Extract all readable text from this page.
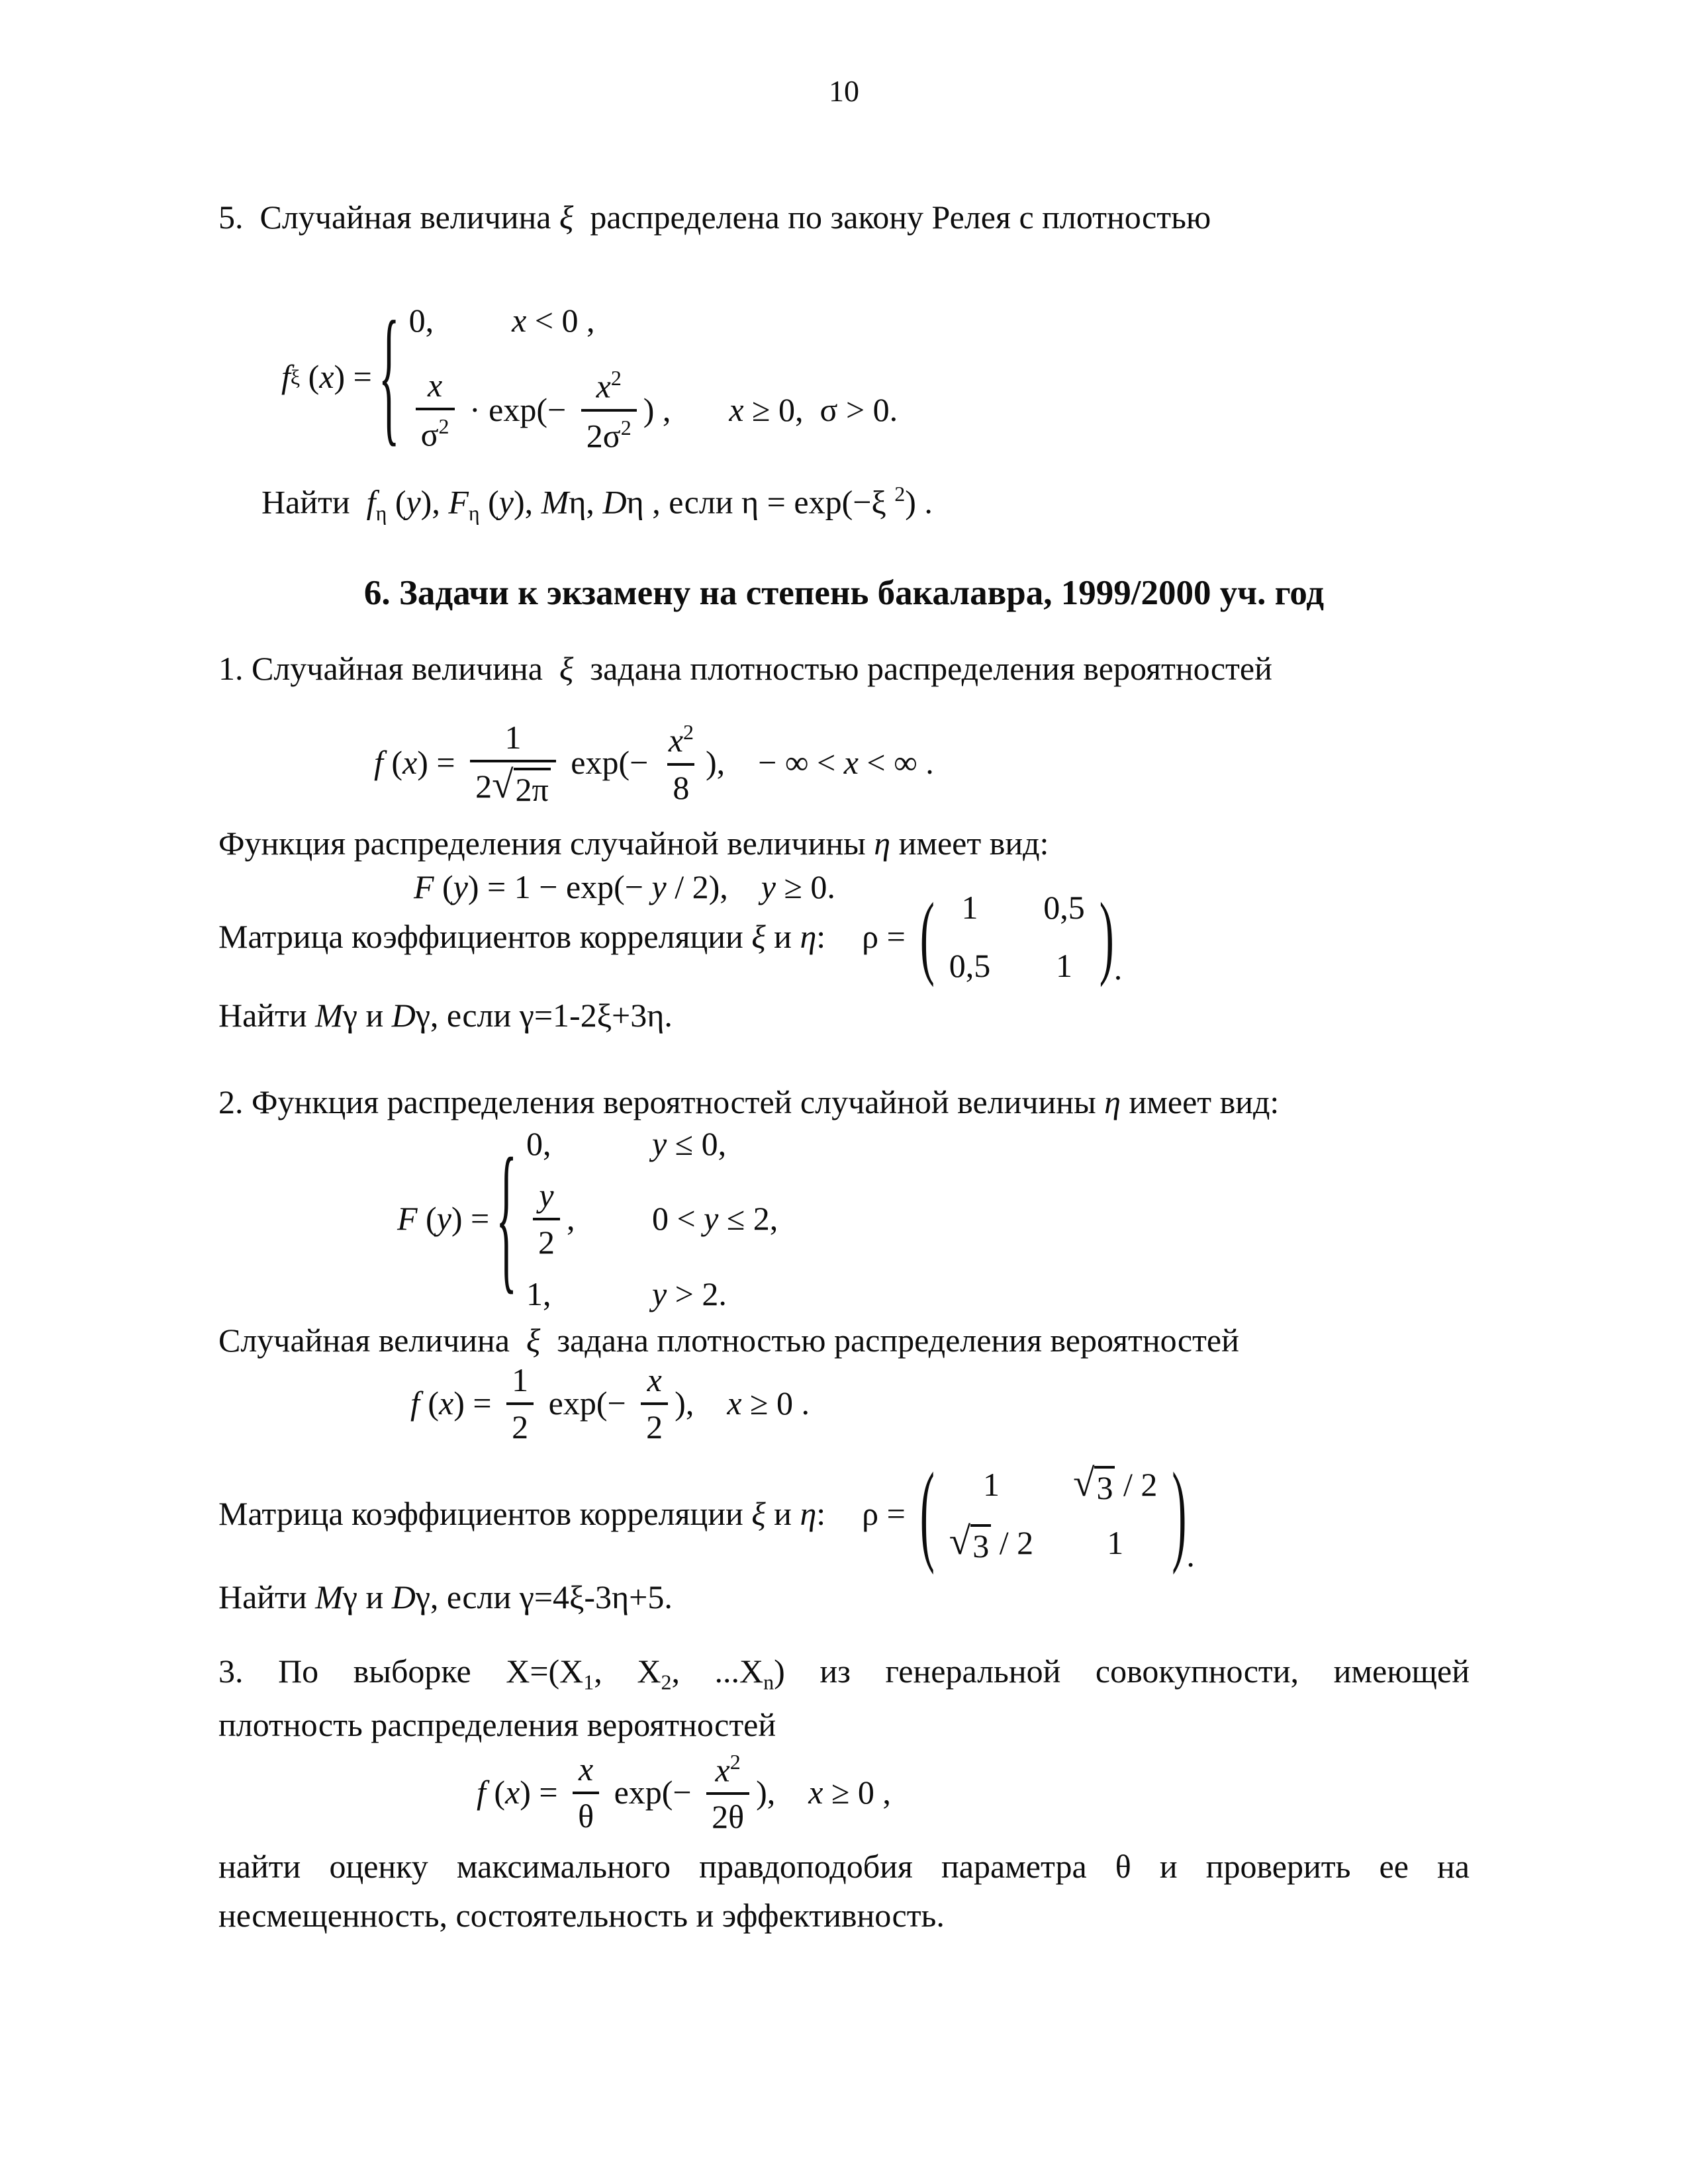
10
5.  Случайная величина ξ  распределена по закону Релея с плотностью
f ξ ( x ) = { 0, x < 0 ,
$\frac{x}{\sigma^2} \cdot \exp(- \frac{x^2}{2\sigma^2}$ ) , x ≥ 0,  σ > 0.
Найти  $f_\eta$ (y), $F_\eta$ (y), Mη, Dη , если η = exp(−ξ $^2$) .
6. Задачи к экзамену на степень бакалавра, 1999/2000 уч. год
1. Случайная величина  ξ  задана плотностью распределения вероятностей
f ( x ) = $\frac{1}{2 √ 2\pi} \exp(- \frac{x^2}{8}$ ),    − ∞ < x < ∞ .
Функция распределения случайной величины η имеет вид:
F (y) = 1 − exp(− y / 2),    y ≥ 0.
Матрица коэффициентов корреляции ξ и η: ρ = ( 1 0,5
0,5 1 ) .
Найти Mγ и Dγ, если γ=1-2ξ+3η.
2. Функция распределения вероятностей случайной величины η имеет вид:
F ( y ) = { 0,	y ≤ 0,
$\frac{y}{2}$ , 0 < y ≤ 2,
1,	y > 2.
Случайная величина  ξ  задана плотностью распределения вероятностей
f ( x ) = $\frac{1}{2} \exp(- \frac{x}{2}$ ), x ≥ 0 .
Матрица коэффициентов корреляции ξ и η: ρ = ( 1 √ 3 / 2
√ 3 / 2 1 ) .
Найти Mγ и Dγ, если γ=4ξ-3η+5.
3. По выборке $X=(X_1$, $X_2$, $...X_n$) из генеральной совокупности, имеющей
плотность распределения вероятностей
f ( x ) = $\frac{x}{\theta} \exp(- \frac{x^2}{2\theta}$ ), x ≥ 0 ,
найти оценку максимального правдоподобия параметра θ и проверить ее на
несмещенность, состоятельность и эффективность.
